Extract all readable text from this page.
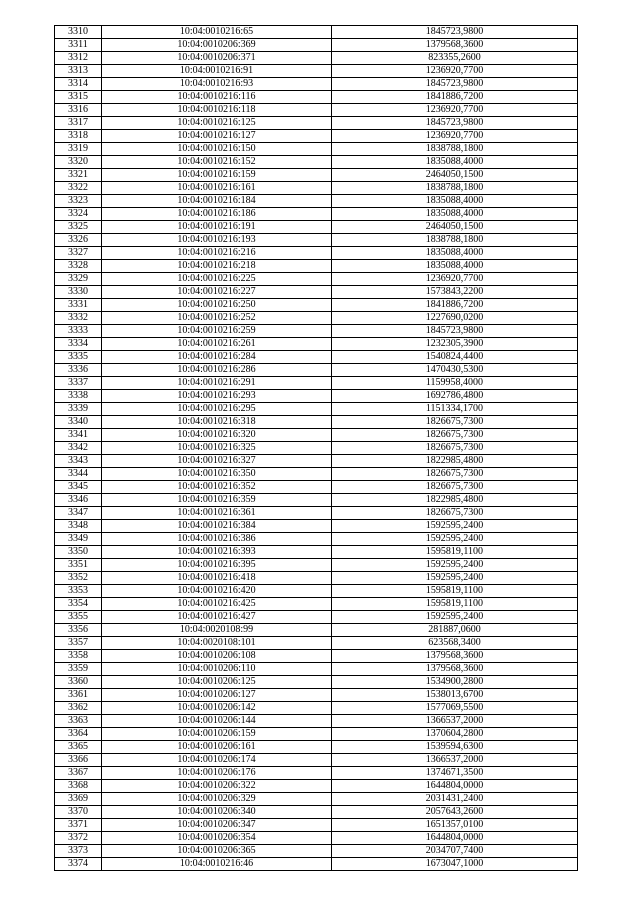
3310	10:04:0010216:65	1845723,9800
3311	10:04:0010206:369	1379568,3600
3312	10:04:0010206:371	823355,2600
3313	10:04:0010216:91	1236920,7700
3314	10:04:0010216:93	1845723,9800
3315	10:04:0010216:116	1841886,7200
3316	10:04:0010216:118	1236920,7700
3317	10:04:0010216:125	1845723,9800
3318	10:04:0010216:127	1236920,7700
3319	10:04:0010216:150	1838788,1800
3320	10:04:0010216:152	1835088,4000
3321	10:04:0010216:159	2464050,1500
3322	10:04:0010216:161	1838788,1800
3323	10:04:0010216:184	1835088,4000
3324	10:04:0010216:186	1835088,4000
3325	10:04:0010216:191	2464050,1500
3326	10:04:0010216:193	1838788,1800
3327	10:04:0010216:216	1835088,4000
3328	10:04:0010216:218	1835088,4000
3329	10:04:0010216:225	1236920,7700
3330	10:04:0010216:227	1573843,2200
3331	10:04:0010216:250	1841886,7200
3332	10:04:0010216:252	1227690,0200
3333	10:04:0010216:259	1845723,9800
3334	10:04:0010216:261	1232305,3900
3335	10:04:0010216:284	1540824,4400
3336	10:04:0010216:286	1470430,5300
3337	10:04:0010216:291	1159958,4000
3338	10:04:0010216:293	1692786,4800
3339	10:04:0010216:295	1151334,1700
3340	10:04:0010216:318	1826675,7300
3341	10:04:0010216:320	1826675,7300
3342	10:04:0010216:325	1826675,7300
3343	10:04:0010216:327	1822985,4800
3344	10:04:0010216:350	1826675,7300
3345	10:04:0010216:352	1826675,7300
3346	10:04:0010216:359	1822985,4800
3347	10:04:0010216:361	1826675,7300
3348	10:04:0010216:384	1592595,2400
3349	10:04:0010216:386	1592595,2400
3350	10:04:0010216:393	1595819,1100
3351	10:04:0010216:395	1592595,2400
3352	10:04:0010216:418	1592595,2400
3353	10:04:0010216:420	1595819,1100
3354	10:04:0010216:425	1595819,1100
3355	10:04:0010216:427	1592595,2400
3356	10:04:0020108:99	281887,0600
3357	10:04:0020108:101	623568,3400
3358	10:04:0010206:108	1379568,3600
3359	10:04:0010206:110	1379568,3600
3360	10:04:0010206:125	1534900,2800
3361	10:04:0010206:127	1538013,6700
3362	10:04:0010206:142	1577069,5500
3363	10:04:0010206:144	1366537,2000
3364	10:04:0010206:159	1370604,2800
3365	10:04:0010206:161	1539594,6300
3366	10:04:0010206:174	1366537,2000
3367	10:04:0010206:176	1374671,3500
3368	10:04:0010206:322	1644804,0000
3369	10:04:0010206:329	2031431,2400
3370	10:04:0010206:340	2057643,2600
3371	10:04:0010206:347	1651357,0100
3372	10:04:0010206:354	1644804,0000
3373	10:04:0010206:365	2034707,7400
3374	10:04:0010216:46	1673047,1000
